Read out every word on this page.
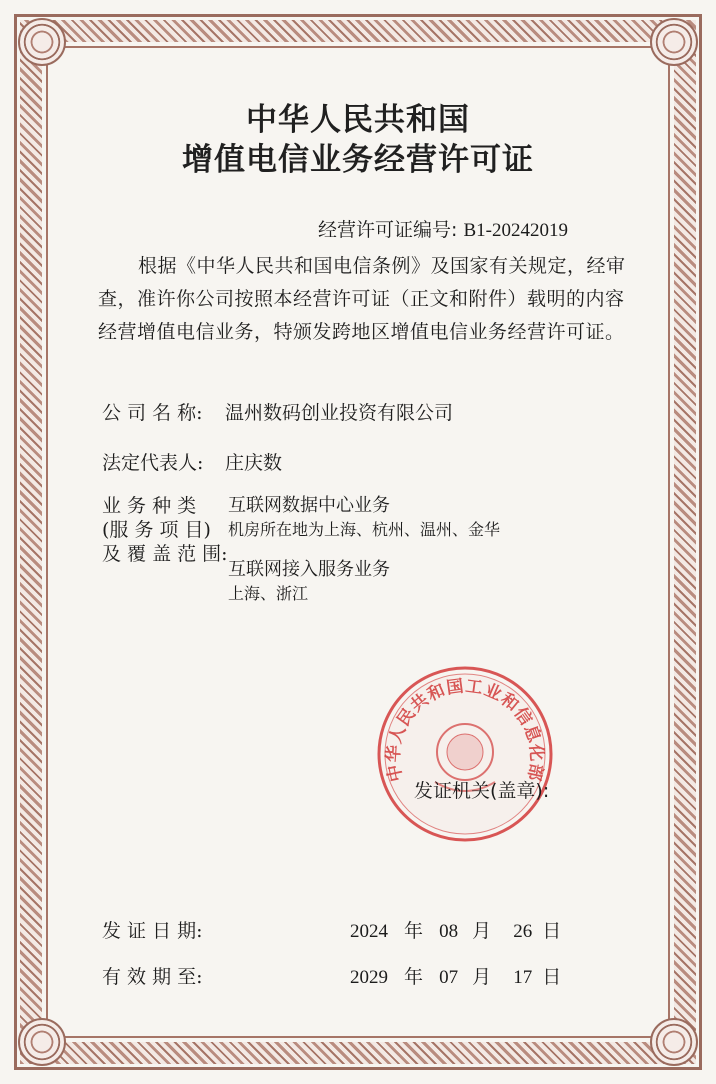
中华人民共和国
增值电信业务经营许可证
经营许可证编号: B1-20242019
根据《中华人民共和国电信条例》及国家有关规定，经审查，准许你公司按照本经营许可证（正文和附件）载明的内容经营增值电信业务，特颁发跨地区增值电信业务经营许可证。
公 司 名 称: 温州数码创业投资有限公司
法定代表人: 庄庆数
业 务 种 类
(服 务 项 目)
及 覆 盖 范 围:
互联网数据中心业务
机房所在地为上海、杭州、温州、金华
互联网接入服务业务
上海、浙江
中华人民共和国工业和信息化部
发证机关(盖章):
发 证 日 期:	2024 年 08 月 26 日
有 效 期 至:	2029 年 07 月 17 日
